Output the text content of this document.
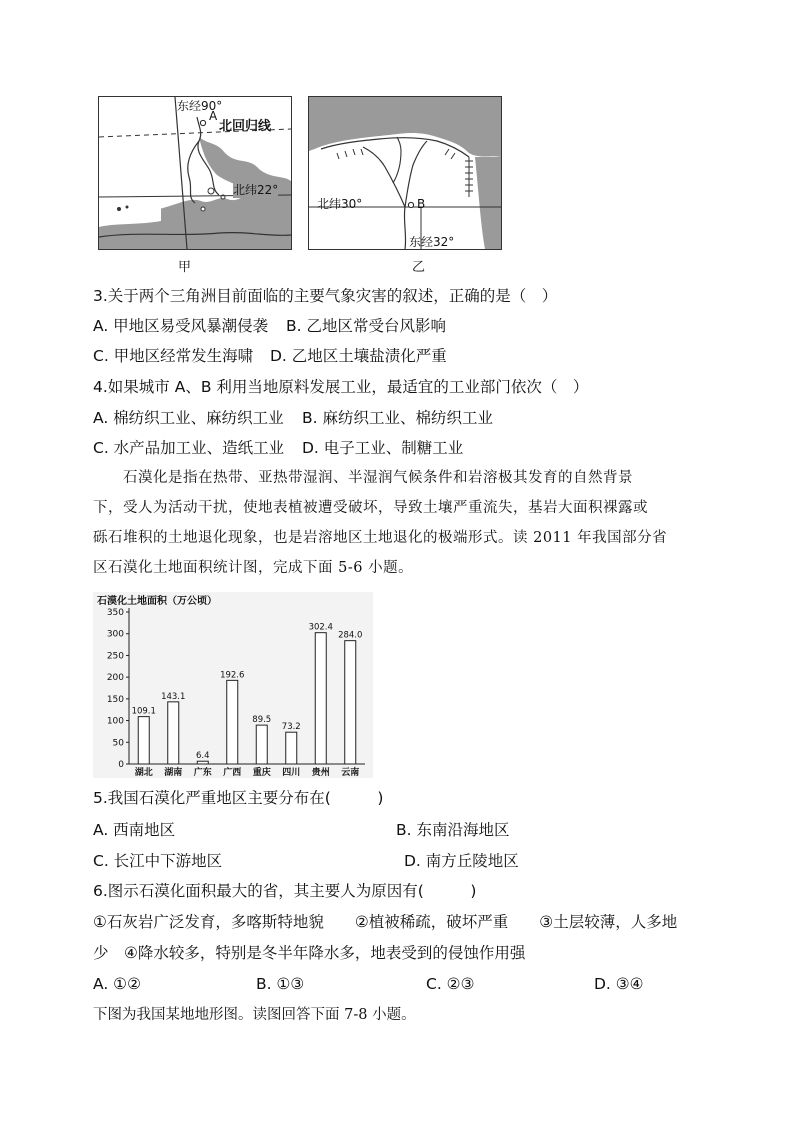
东经90°
A
北回归线
北纬22°
甲
北纬30°	B
东经32°
乙
3.关于两个三角洲目前面临的主要气象灾害的叙述，正确的是（　）
A. 甲地区易受风暴潮侵袭 B. 乙地区常受台风影响
C. 甲地区经常发生海啸 D. 乙地区土壤盐渍化严重
4.如果城市 A、B 利用当地原料发展工业，最适宜的工业部门依次（　）
A. 棉纺织工业、麻纺织工业 B. 麻纺织工业、棉纺织工业
C. 水产品加工业、造纸工业 D. 电子工业、制糖工业

石漠化是指在热带、亚热带湿润、半湿润气候条件和岩溶极其发育的自然背景

下，受人为活动干扰，使地表植被遭受破坏，导致土壤严重流失，基岩大面积裸露或

砾石堆积的土地退化现象，也是岩溶地区土地退化的极端形式。读 2011 年我国部分省

区石漠化土地面积统计图，完成下面 5-6 小题。

石漠化土地面积（万公顷）
0
50
100
150
200
250
300
350
109.1
湖北
143.1
湖南
6.4
广东
192.6
广西
89.5
重庆
73.2
四川
302.4
贵州
284.0
云南
5.我国石漠化严重地区主要分布在(　　　)
A. 西南地区	B. 东南沿海地区
C. 长江中下游地区	D. 南方丘陵地区
6.图示石漠化面积最大的省，其主要人为原因有(　　　)
①石灰岩广泛发育，多喀斯特地貌　　②植被稀疏，破坏严重　　③土层较薄，人多地
少　④降水较多，特别是冬半年降水多，地表受到的侵蚀作用强
A. ①②	B. ①③	C. ②③	D. ③④
下图为我国某地地形图。读图回答下面 7-8 小题。
